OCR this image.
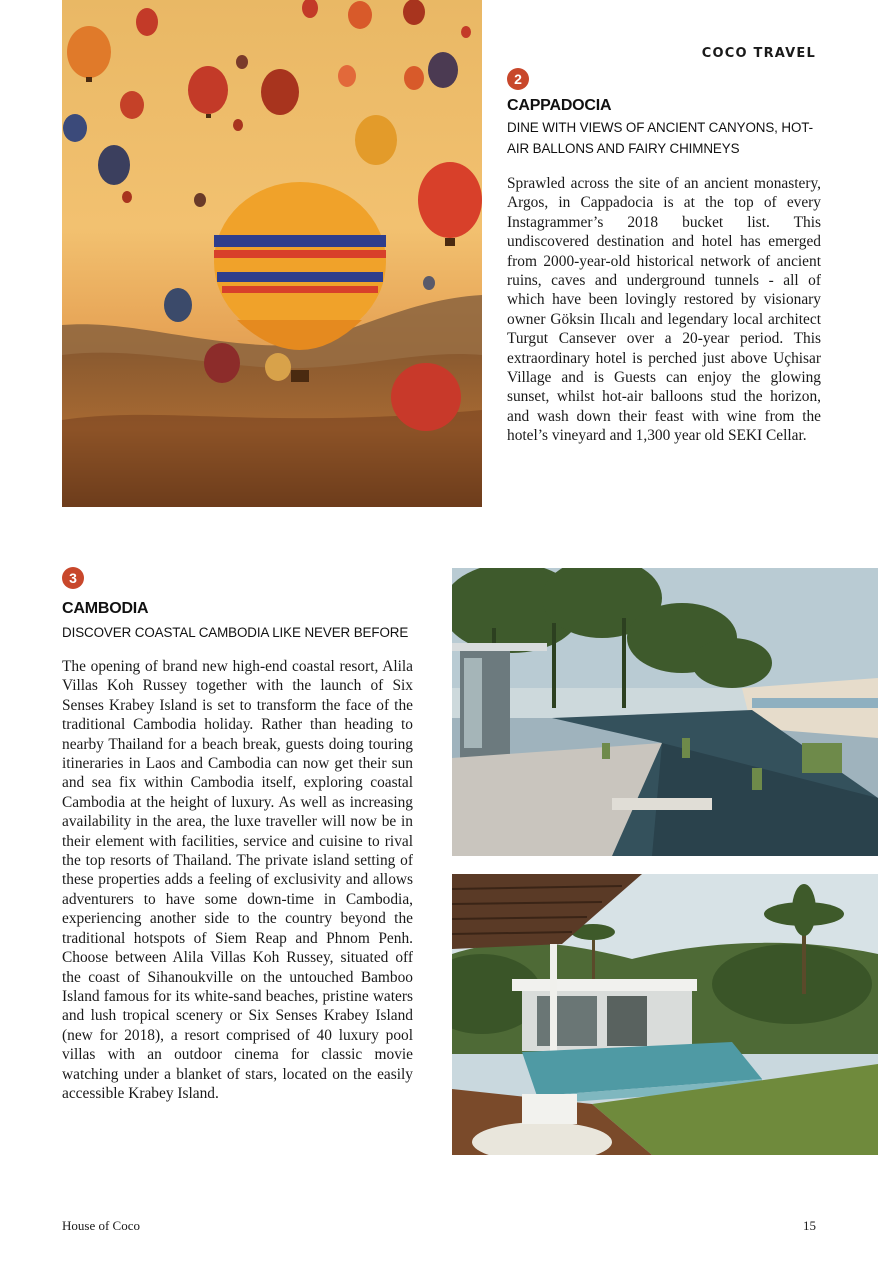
COCO TRAVEL
2
CAPPADOCIA
DINE WITH VIEWS OF ANCIENT CANYONS, HOT-AIR BALLONS AND FAIRY CHIMNEYS
Sprawled across the site of an ancient monastery, Argos, in Cappadocia is at the top of every Instagrammer’s 2018 bucket list. This undiscovered destination and hotel has emerged from 2000-year-old historical network of ancient ruins, caves and underground tunnels - all of which have been lovingly restored by visionary owner Göksin Ilıcalı and legendary local architect Turgut Cansever over a 20-year period. This extraordinary hotel is perched just above Uçhisar Village and is Guests can enjoy the glowing sunset, whilst hot-air balloons stud the horizon, and wash down their feast with wine from the hotel’s vineyard and 1,300 year old SEKI Cellar.
3
CAMBODIA
DISCOVER COASTAL CAMBODIA LIKE NEVER BEFORE
The opening of brand new high-end coastal resort, Alila Villas Koh Russey together with the launch of Six Senses Krabey Island is set to transform the face of the traditional Cambodia holiday. Rather than heading to nearby Thailand for a beach break, guests doing touring itineraries in Laos and Cambodia can now get their sun and sea fix within Cambodia itself, exploring coastal Cambodia at the height of luxury. As well as increasing availability in the area, the luxe traveller will now be in their element with facilities, service and cuisine to rival the top resorts of Thailand. The private island setting of these properties adds a feeling of exclusivity and allows adventurers to have some down-time in Cambodia, experiencing another side to the country beyond the traditional hotspots of Siem Reap and Phnom Penh. Choose between Alila Villas Koh Russey, situated off the coast of Sihanoukville on the untouched Bamboo Island famous for its white-sand beaches, pristine waters and lush tropical scenery or Six Senses Krabey Island (new for 2018), a resort comprised of 40 luxury pool villas with an outdoor cinema for classic movie watching under a blanket of stars, located on the easily accessible Krabey Island.
House of Coco	15
